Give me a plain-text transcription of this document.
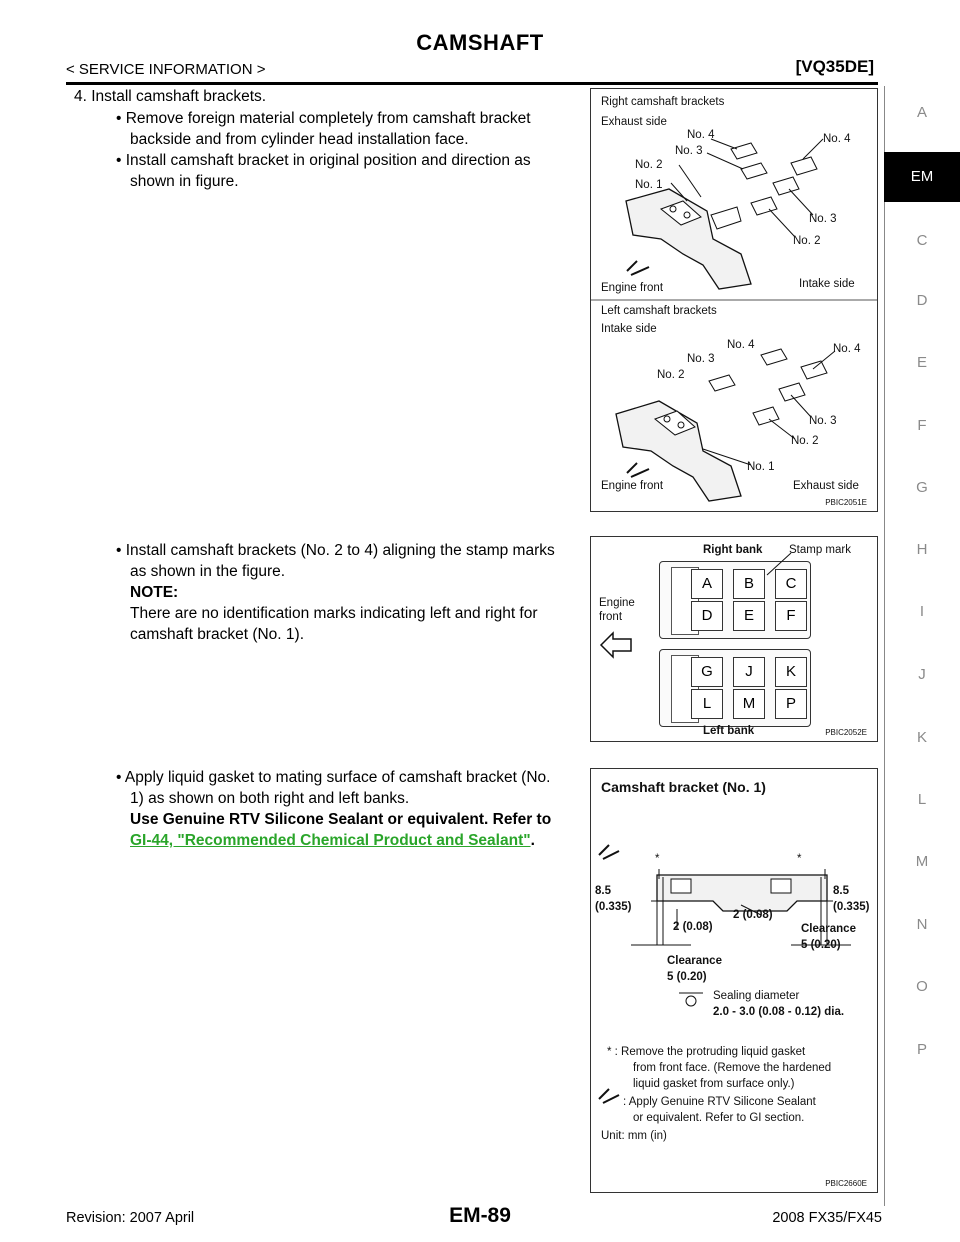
CAMSHAFT
< SERVICE INFORMATION >	[VQ35DE]
A
EM
C
D
E
F
G
H
I
J
K
L
M
N
O
P
4. Install camshaft brackets.
• Remove foreign material completely from camshaft bracket
backside and from cylinder head installation face.
• Install camshaft bracket in original position and direction as
shown in figure.
• Install camshaft brackets (No. 2 to 4) aligning the stamp marks
as shown in the figure.
NOTE:
There are no identification marks indicating left and right for
camshaft bracket (No. 1).
• Apply liquid gasket to mating surface of camshaft bracket (No.
1) as shown on both right and left banks.
Use Genuine RTV Silicone Sealant or equivalent. Refer to
GI-44, "Recommended Chemical Product and Sealant".
Right camshaft brackets
Exhaust side
No. 4	No. 4
No. 3
No. 2
No. 1
No. 3
No. 2
Engine front	Intake side
Left camshaft brackets
Intake side
No. 4	No. 4
No. 3
No. 2
No. 3
No. 2
No. 1
Engine front	Exhaust side
PBIC2051E
A	B	C
D	E	F
G	J	K
L	M	P
Right bank Stamp mark
Engine
front
Left bank	PBIC2052E
Camshaft bracket (No. 1)
*	*
8.5
(0.335)
8.5
(0.335)
2 (0.08)
2 (0.08)	Clearance
5 (0.20)
Clearance
5 (0.20)
Sealing diameter
2.0 - 3.0 (0.08 - 0.12) dia.
* : Remove the protruding liquid gasket
from front face. (Remove the hardened
liquid gasket from surface only.)
: Apply Genuine RTV Silicone Sealant
or equivalent. Refer to GI section.
Unit: mm (in)
PBIC2660E
Revision: 2007 April	EM-89	2008 FX35/FX45
